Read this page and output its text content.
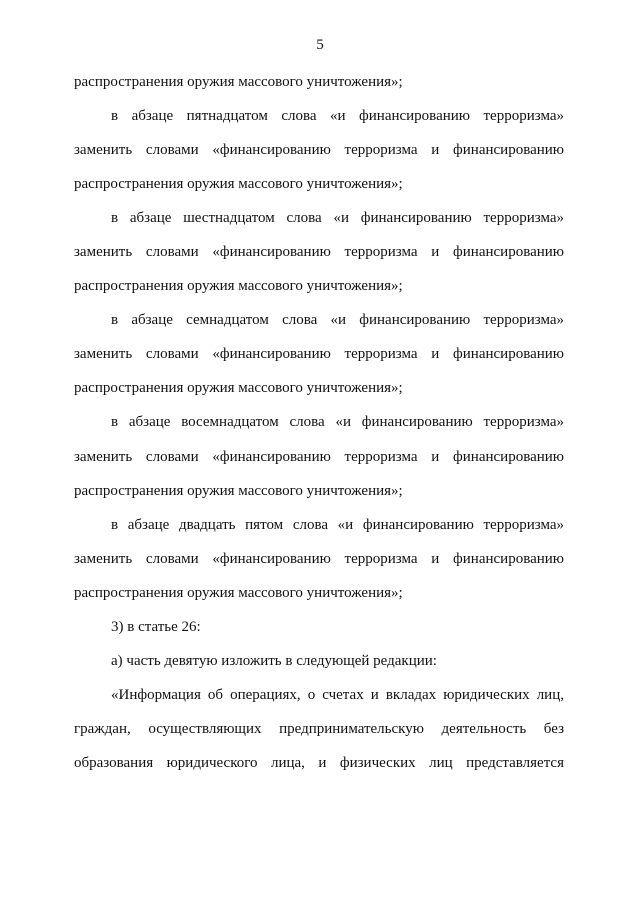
5
распространения оружия массового уничтожения»;
в абзаце пятнадцатом слова «и финансированию терроризма»
заменить словами «финансированию терроризма и финансированию
распространения оружия массового уничтожения»;
в абзаце шестнадцатом слова «и финансированию терроризма»
заменить словами «финансированию терроризма и финансированию
распространения оружия массового уничтожения»;
в абзаце семнадцатом слова «и финансированию терроризма»
заменить словами «финансированию терроризма и финансированию
распространения оружия массового уничтожения»;
в абзаце восемнадцатом слова «и финансированию терроризма»
заменить словами «финансированию терроризма и финансированию
распространения оружия массового уничтожения»;
в абзаце двадцать пятом слова «и финансированию терроризма»
заменить словами «финансированию терроризма и финансированию
распространения оружия массового уничтожения»;
3) в статье 26:
а) часть девятую изложить в следующей редакции:
«Информация об операциях, о счетах и вкладах юридических лиц,
граждан, осуществляющих предпринимательскую деятельность без
образования юридического лица, и физических лиц представляется
